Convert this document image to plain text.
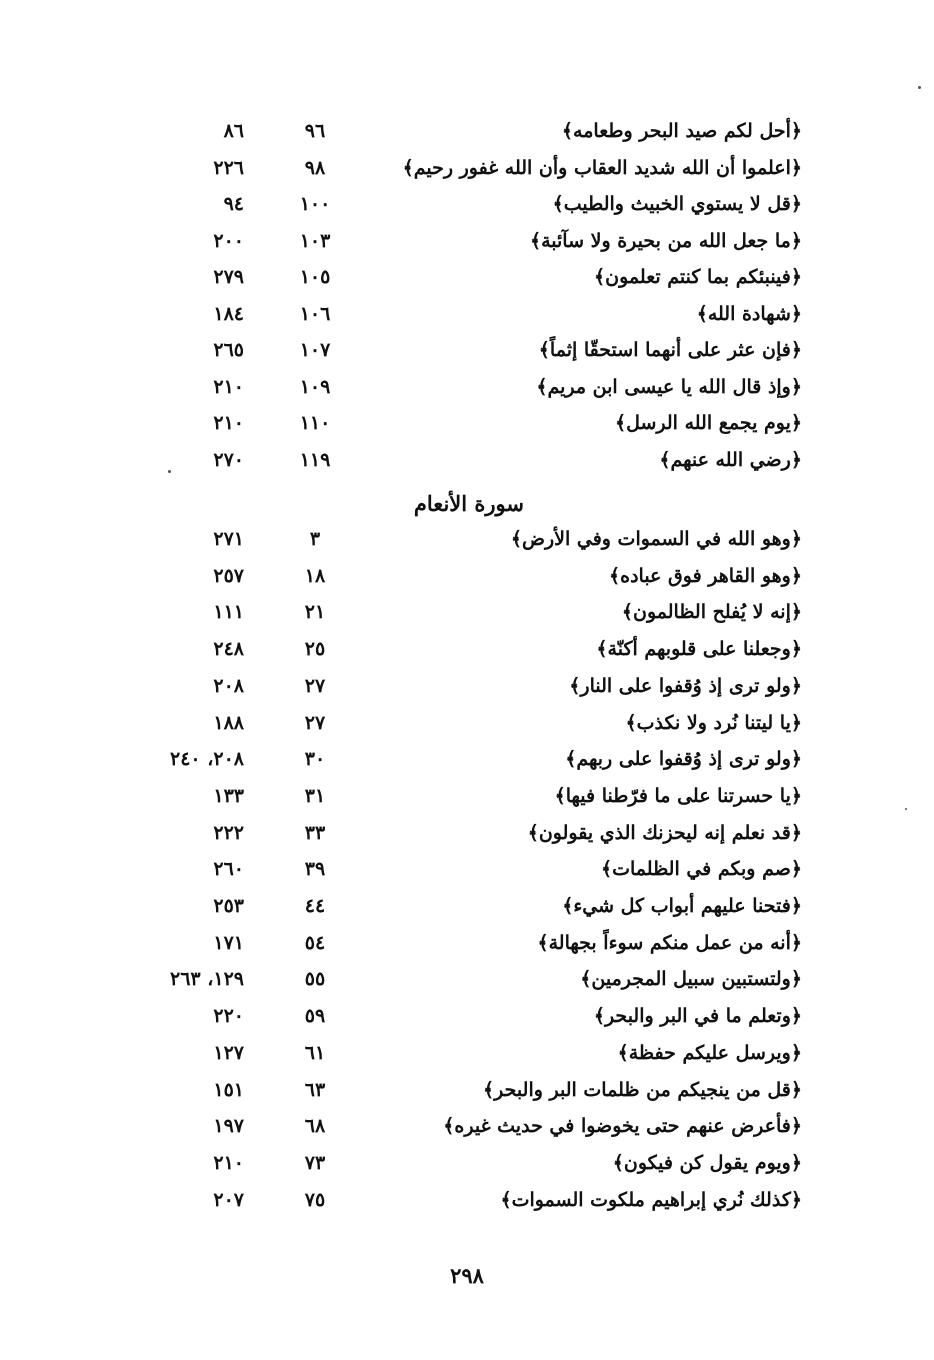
﴿أحل لكم صيد البحر وطعامه﴾
٩٦
٨٦
﴿اعلموا أن الله شديد العقاب وأن الله غفور رحيم﴾
٩٨
٢٢٦
﴿قل لا يستوي الخبيث والطيب﴾
١٠٠
٩٤
﴿ما جعل الله من بحيرة ولا سآئبة﴾
١٠٣
٢٠٠
﴿فينبئكم بما كنتم تعلمون﴾
١٠٥
٢٧٩
﴿شهادة الله﴾
١٠٦
١٨٤
﴿فإن عثر على أنهما استحقّا إثماً﴾
١٠٧
٢٦٥
﴿وإذ قال الله يا عيسى ابن مريم﴾
١٠٩
٢١٠
﴿يوم يجمع الله الرسل﴾
١١٠
٢١٠
﴿رضي الله عنهم﴾
١١٩
٢٧٠
سورة الأنعام
﴿وهو الله في السموات وفي الأرض﴾
٣
٢٧١
﴿وهو القاهر فوق عباده﴾
١٨
٢٥٧
﴿إنه لا يُفلح الظالمون﴾
٢١
١١١
﴿وجعلنا على قلوبهم أكنّة﴾
٢٥
٢٤٨
﴿ولو ترى إذ وُقفوا على النار﴾
٢٧
٢٠٨
﴿يا ليتنا نُرد ولا نكذب﴾
٢٧
١٨٨
﴿ولو ترى إذ وُقفوا على ربهم﴾
٣٠
٢٠٨، ٢٤٠
﴿يا حسرتنا على ما فرّطنا فيها﴾
٣١
١٣٣
﴿قد نعلم إنه ليحزنك الذي يقولون﴾
٣٣
٢٢٢
﴿صم وبكم في الظلمات﴾
٣٩
٢٦٠
﴿فتحنا عليهم أبواب كل شيء﴾
٤٤
٢٥٣
﴿أنه من عمل منكم سوءاً بجهالة﴾
٥٤
١٧١
﴿ولتستبين سبيل المجرمين﴾
٥٥
١٢٩، ٢٦٣
﴿وتعلم ما في البر والبحر﴾
٥٩
٢٢٠
﴿ويرسل عليكم حفظة﴾
٦١
١٢٧
﴿قل من ينجيكم من ظلمات البر والبحر﴾
٦٣
١٥١
﴿فأعرض عنهم حتى يخوضوا في حديث غيره﴾
٦٨
١٩٧
﴿ويوم يقول كن فيكون﴾
٧٣
٢١٠
﴿كذلك نُري إبراهيم ملكوت السموات﴾
٧٥
٢٠٧
٢٩٨
